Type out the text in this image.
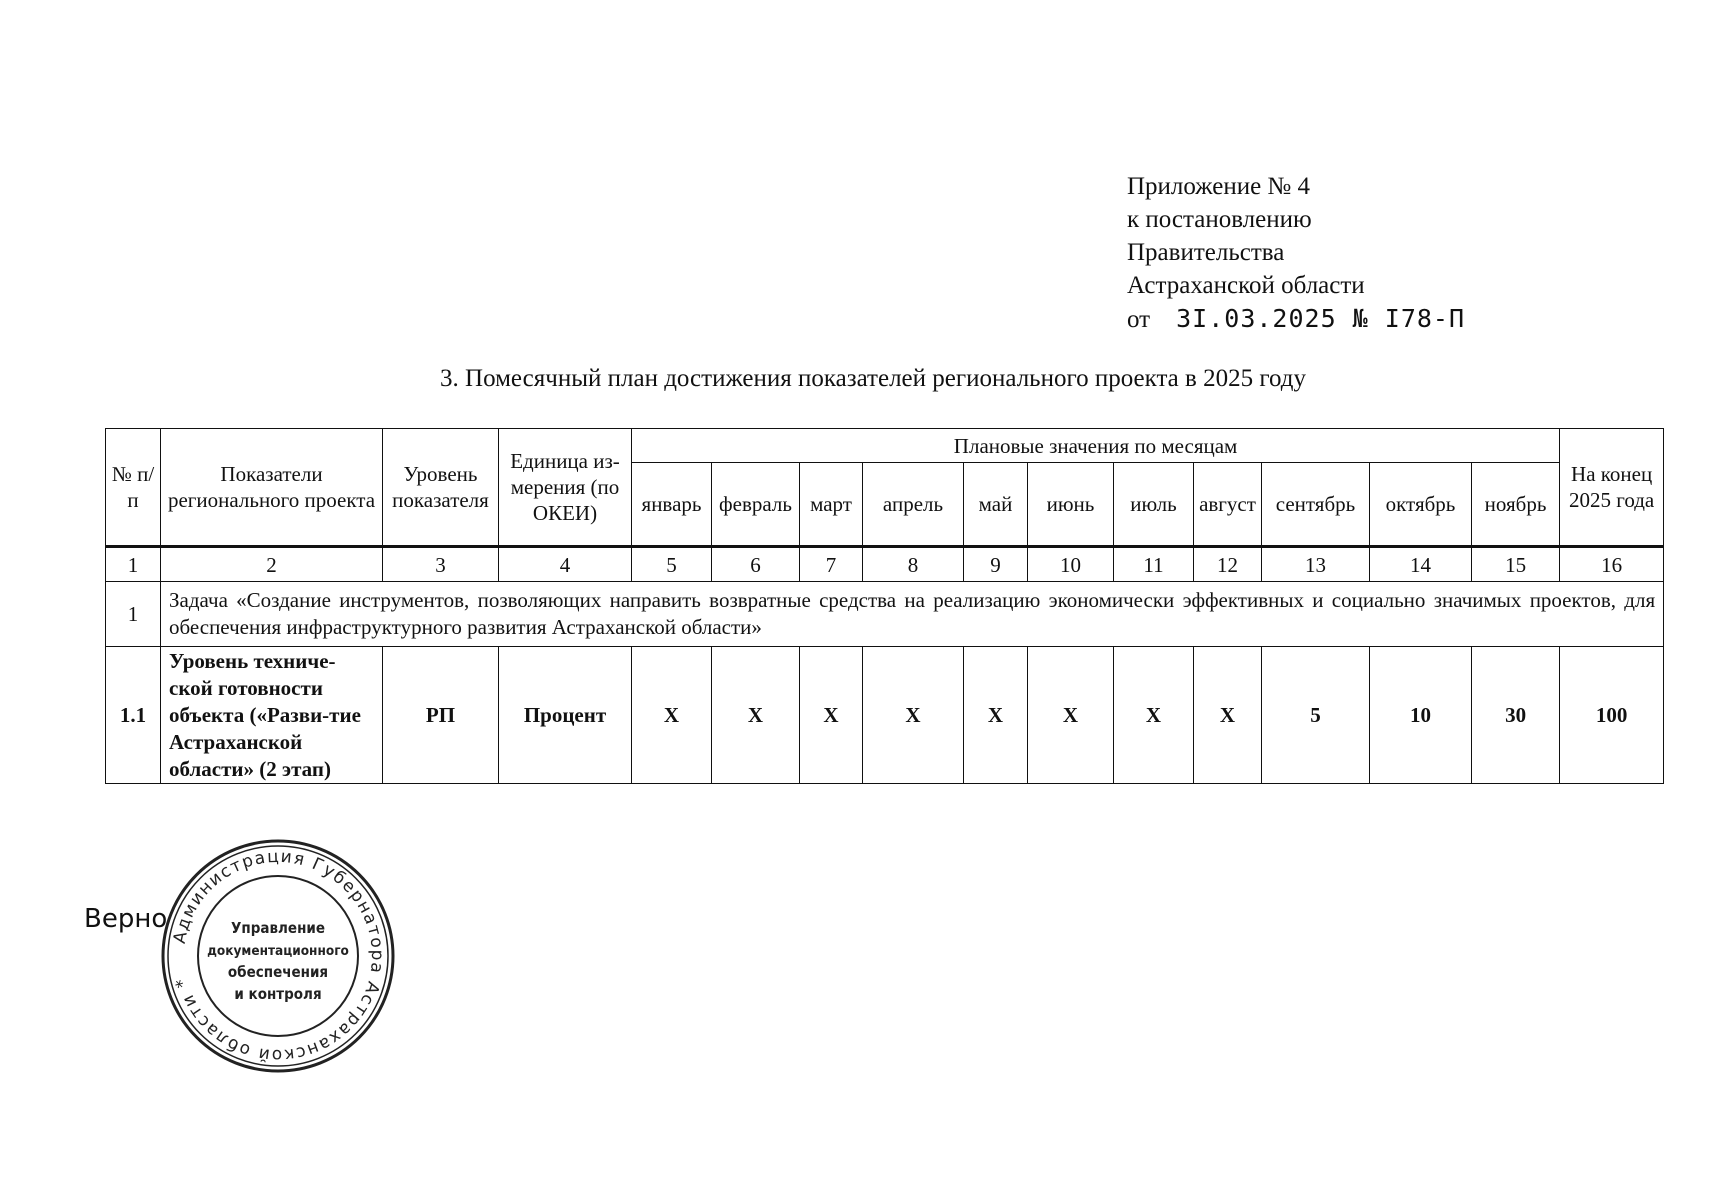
Приложение № 4
к постановлению
Правительства
Астраханской области
от 3I.03.2025 № I78-П
3. Помесячный план достижения показателей регионального проекта в 2025 году
№ п/п	Показатели регионального проекта	Уровень показателя	Единица из-мерения (по ОКЕИ)	Плановые значения по месяцам											На конец 2025 года
				январь	февраль	март	апрель	май	июнь	июль	август	сентябрь	октябрь	ноябрь	
1	2	3	4	5	6	7	8	9	10	11	12	13	14	15	16
1	Задача «Создание инструментов, позволяющих направить возвратные средства на реализацию экономически эффективных и социально значимых проектов, для обеспечения инфраструктурного развития Астраханской области»														
1.1	Уровень техниче-ской готовности объекта («Разви-тие Астраханской области» (2 этап)	РП	Процент	X	X	X	X	X	X	X	X	5	10	30	100
Верно
Администрация Губернатора Астраханской области *
Управление
документационного
обеспечения
и контроля
